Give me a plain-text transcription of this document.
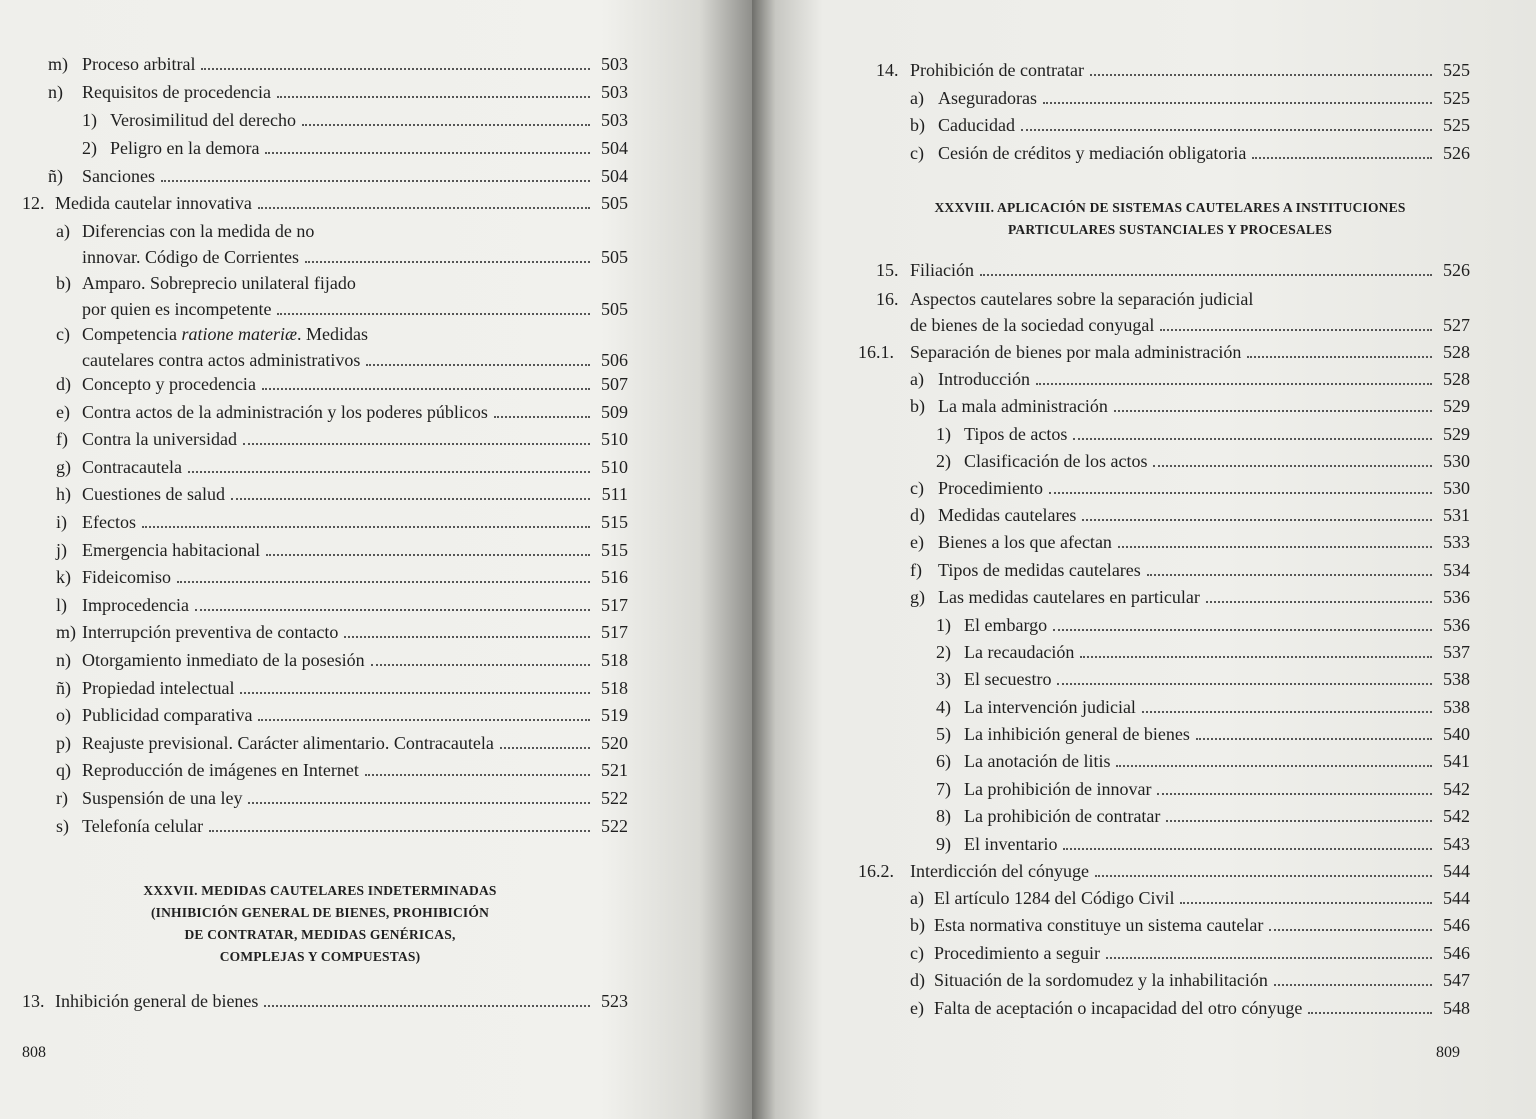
m) Proceso arbitral	503
n)	Requisitos de procedencia	503
1) Verosimilitud del derecho	503
2) Peligro en la demora	504
ñ)	Sanciones	504
12. Medida cautelar innovativa	505
a) Diferencias con la medida de no
innovar. Código de Corrientes	505
b) Amparo. Sobreprecio unilateral fijado
por quien es incompetente	505
c) Competencia ratione materiæ. Medidas
cautelares contra actos administrativos	506
d) Concepto y procedencia	507
e) Contra actos de la administración y los poderes públicos	509
f) Contra la universidad	510
g) Contracautela	510
h) Cuestiones de salud	511
i) Efectos	515
j) Emergencia habitacional	515
k) Fideicomiso	516
l) Improcedencia	517
m) Interrupción preventiva de contacto	517
n) Otorgamiento inmediato de la posesión	518
ñ) Propiedad intelectual	518
o) Publicidad comparativa	519
p) Reajuste previsional. Carácter alimentario. Contracautela	520
q) Reproducción de imágenes en Internet	521
r) Suspensión de una ley	522
s) Telefonía celular	522
XXXVII. MEDIDAS CAUTELARES INDETERMINADAS
(INHIBICIÓN GENERAL DE BIENES, PROHIBICIÓN
DE CONTRATAR, MEDIDAS GENÉRICAS,
COMPLEJAS Y COMPUESTAS)
13. Inhibición general de bienes	523
808
14. Prohibición de contratar	525
a) Aseguradoras	525
b) Caducidad	525
c) Cesión de créditos y mediación obligatoria	526
XXXVIII. APLICACIÓN DE SISTEMAS CAUTELARES A INSTITUCIONES
PARTICULARES SUSTANCIALES Y PROCESALES
15. Filiación	526
16. Aspectos cautelares sobre la separación judicial
de bienes de la sociedad conyugal	527
16.1. Separación de bienes por mala administración	528
a) Introducción	528
b) La mala administración	529
1) Tipos de actos	529
2) Clasificación de los actos	530
c) Procedimiento	530
d) Medidas cautelares	531
e) Bienes a los que afectan	533
f) Tipos de medidas cautelares	534
g) Las medidas cautelares en particular	536
1) El embargo	536
2) La recaudación	537
3) El secuestro	538
4) La intervención judicial	538
5) La inhibición general de bienes	540
6) La anotación de litis	541
7) La prohibición de innovar	542
8) La prohibición de contratar	542
9) El inventario	543
16.2. Interdicción del cónyuge	544
a) El artículo 1284 del Código Civil	544
b) Esta normativa constituye un sistema cautelar	546
c) Procedimiento a seguir	546
d) Situación de la sordomudez y la inhabilitación	547
e) Falta de aceptación o incapacidad del otro cónyuge	548
809
